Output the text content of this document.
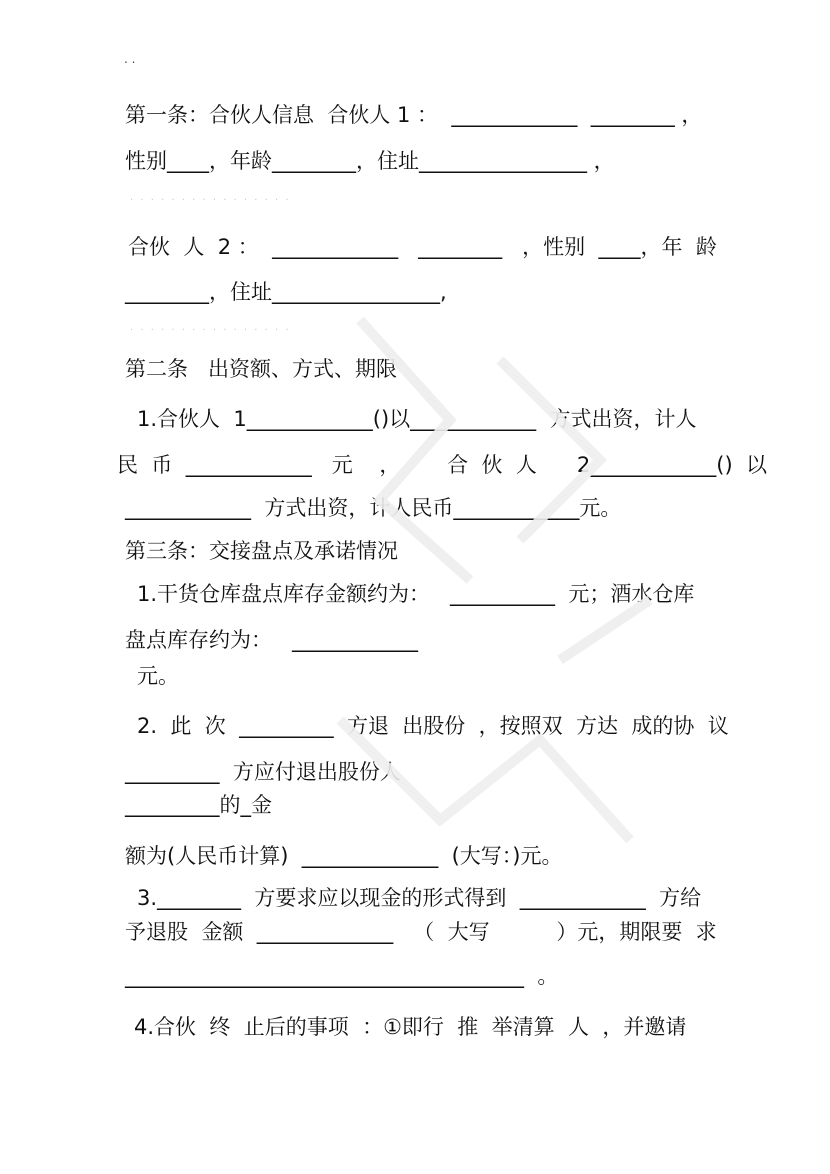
. .
第一条：合伙人信息  合伙人 1 ：  ____________  ________ ，
性别____，年龄________，住址________________ ，
· · · · · · · · · · · · · · · ·
合伙  人  2 ：  ____________   ________   ，性别  ____，年  龄
________，住址________________,
· · · · · · · · · · · · · · · ·
第二条   出资额、方式、期限
1.合伙人  1____________()以____________  方式出资，计人
民  币  ____________   元    ，       合  伙  人      2____________()  以
____________  方式出资，计人民币____________元。
第三条：交接盘点及承诺情况
1.干货仓库盘点库存金额约为：   __________  元；酒水仓库
盘点库存约为：   ____________
元。
2.  此  次  _________  方退  出股份  ，按照双  方达  成的协  议
_________  方应付退出股份人
_________的_金
额为(人民币计算)  _____________  (大写：)元。
3.________  方要求应以现金的形式得到  ____________  方给
予退股  金额  _____________   （  大写          ）元，期限要  求
______________________________________  。
4.合伙  终  止后的事项  ：①即行  推  举清算  人  ，并邀请
